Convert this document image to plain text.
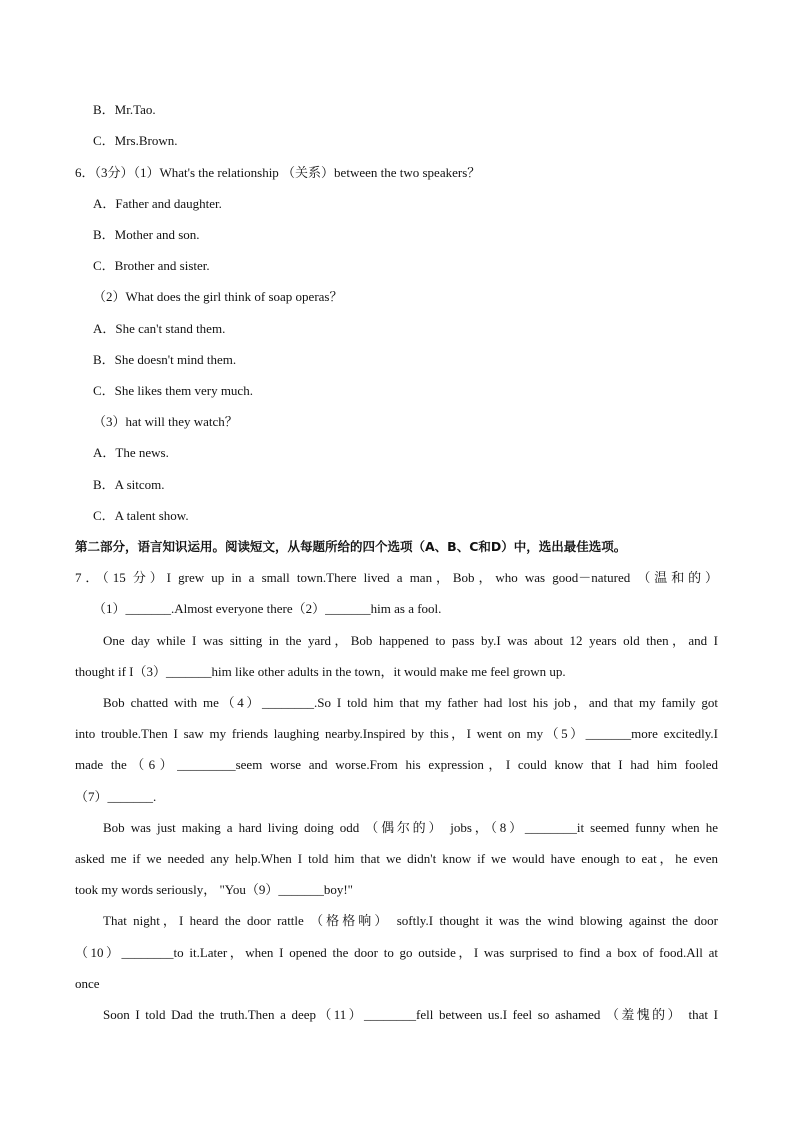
B．Mr.Tao.
C．Mrs.Brown.
6．（3分）（1）What's the relationship （关系）between the two speakers？
A．Father and daughter.
B．Mother and son.
C．Brother and sister.
（2）What does the girl think of soap operas？
A．She can't stand them.
B．She doesn't mind them.
C．She likes them very much.
（3）hat will they watch？
A．The news.
B．A sitcom.
C．A talent show.
第二部分，语言知识运用。阅读短文，从每题所给的四个选项（A、B、C和D）中，选出最佳选项。
7．（15 分）I grew up in a small town.There lived a man，Bob，who was good－natured （温和的）
（1）_______.Almost everyone there（2）_______him as a fool.
One day while I was sitting in the yard，Bob happened to pass by.I was about 12 years old then，and I
thought if I（3）_______him like other adults in the town，it would make me feel grown up.
Bob chatted with me（4）________.So I told him that my father had lost his job，and that my family got
into trouble.Then I saw my friends laughing nearby.Inspired by this，I went on my（5）_______more excitedly.I
made the（6）_________seem worse and worse.From his expression，I could know that I had him fooled
（7）_______.
Bob was just making a hard living doing odd （偶尔的） jobs，（8）________it seemed funny when he
asked me if we needed any help.When I told him that we didn't know if we would have enough to eat，he even
took my words seriously， "You（9）_______boy!"
That night，I heard the door rattle （格格响） softly.I thought it was the wind blowing against the door
（10）________to it.Later，when I opened the door to go outside，I was surprised to find a box of food.All at
once
Soon I told Dad the truth.Then a deep（11）________fell between us.I feel so ashamed （羞愧的） that I
